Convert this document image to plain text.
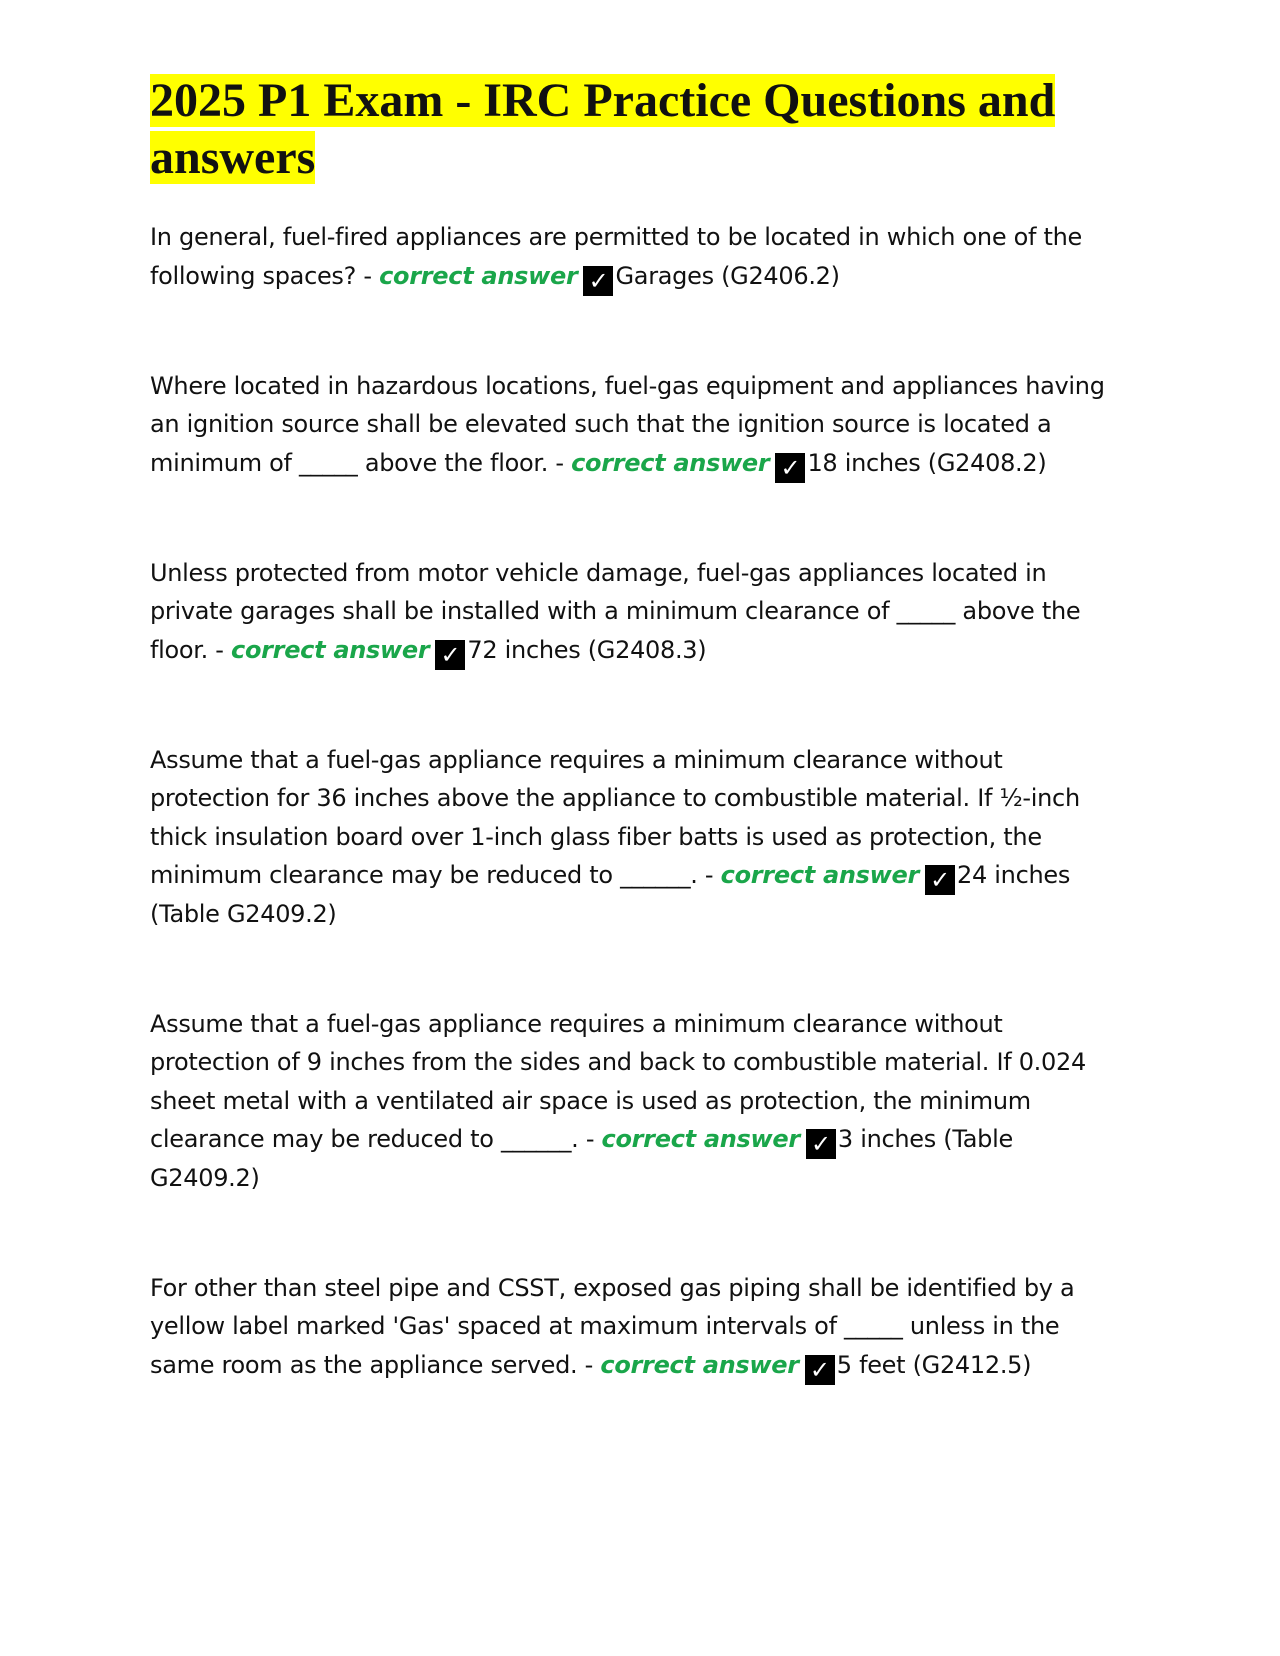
2025 P1 Exam - IRC Practice Questions and answers

In general, fuel-fired appliances are permitted to be located in which one of the following spaces? - correct answer ✓ Garages (G2406.2)

Where located in hazardous locations, fuel-gas equipment and appliances having an ignition source shall be elevated such that the ignition source is located a minimum of _____ above the floor. - correct answer ✓ 18 inches (G2408.2)

Unless protected from motor vehicle damage, fuel-gas appliances located in private garages shall be installed with a minimum clearance of _____ above the floor. - correct answer ✓ 72 inches (G2408.3)

Assume that a fuel-gas appliance requires a minimum clearance without protection for 36 inches above the appliance to combustible material. If ½-inch thick insulation board over 1-inch glass fiber batts is used as protection, the minimum clearance may be reduced to ______. - correct answer ✓ 24 inches (Table G2409.2)

Assume that a fuel-gas appliance requires a minimum clearance without protection of 9 inches from the sides and back to combustible material. If 0.024 sheet metal with a ventilated air space is used as protection, the minimum clearance may be reduced to ______. - correct answer ✓ 3 inches (Table G2409.2)

For other than steel pipe and CSST, exposed gas piping shall be identified by a yellow label marked 'Gas' spaced at maximum intervals of _____ unless in the same room as the appliance served. - correct answer ✓ 5 feet (G2412.5)
